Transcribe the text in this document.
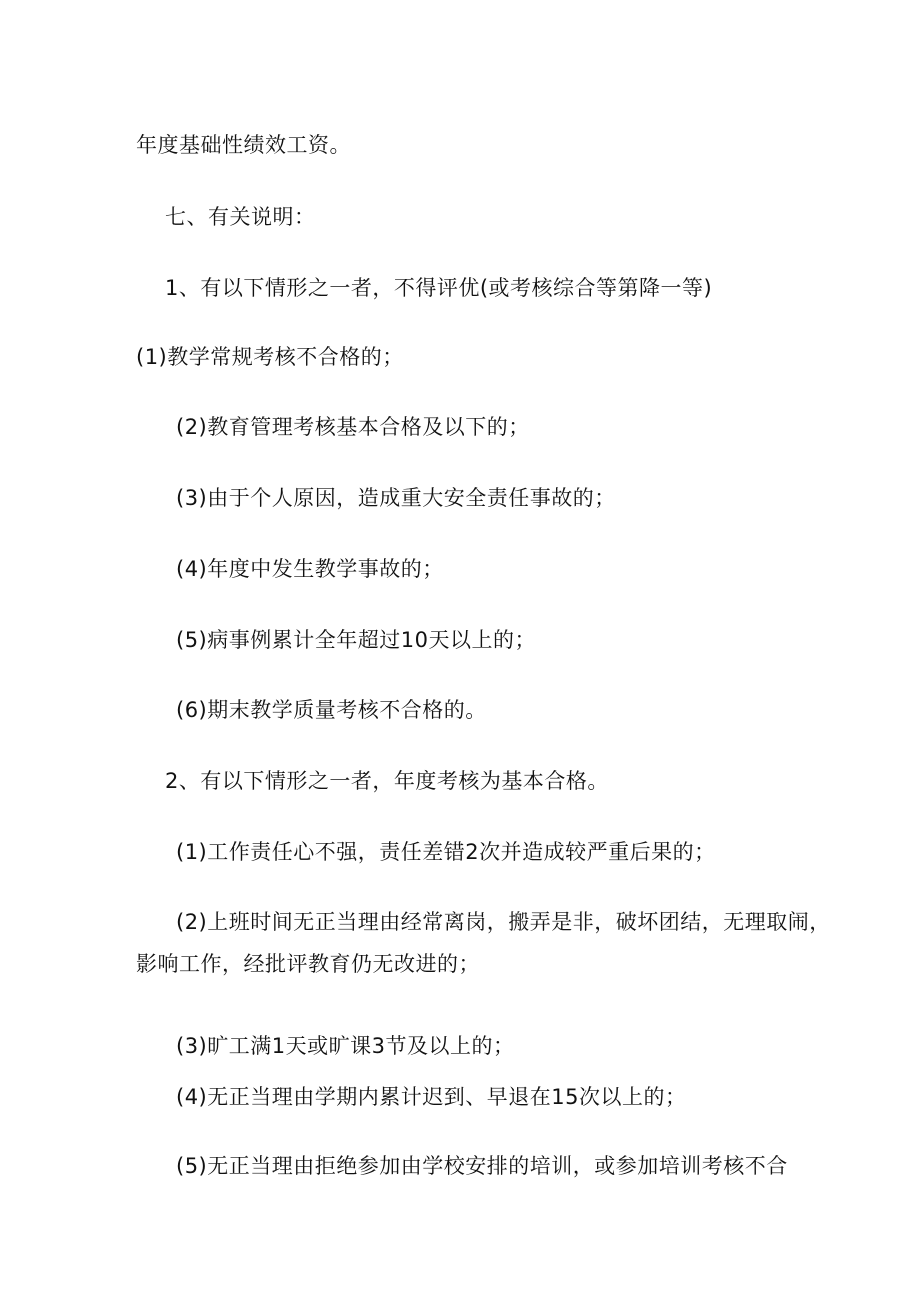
年度基础性绩效工资。
七、有关说明：
1、有以下情形之一者，不得评优(或考核综合等第降一等)
(1)教学常规考核不合格的；
(2)教育管理考核基本合格及以下的；
(3)由于个人原因，造成重大安全责任事故的；
(4)年度中发生教学事故的；
(5)病事例累计全年超过10天以上的；
(6)期末教学质量考核不合格的。
2、有以下情形之一者，年度考核为基本合格。
(1)工作责任心不强，责任差错2次并造成较严重后果的；
(2)上班时间无正当理由经常离岗，搬弄是非，破坏团结，无理取闹，
影响工作，经批评教育仍无改进的；
(3)旷工满1天或旷课3节及以上的；
(4)无正当理由学期内累计迟到、早退在15次以上的；
(5)无正当理由拒绝参加由学校安排的培训，或参加培训考核不合
